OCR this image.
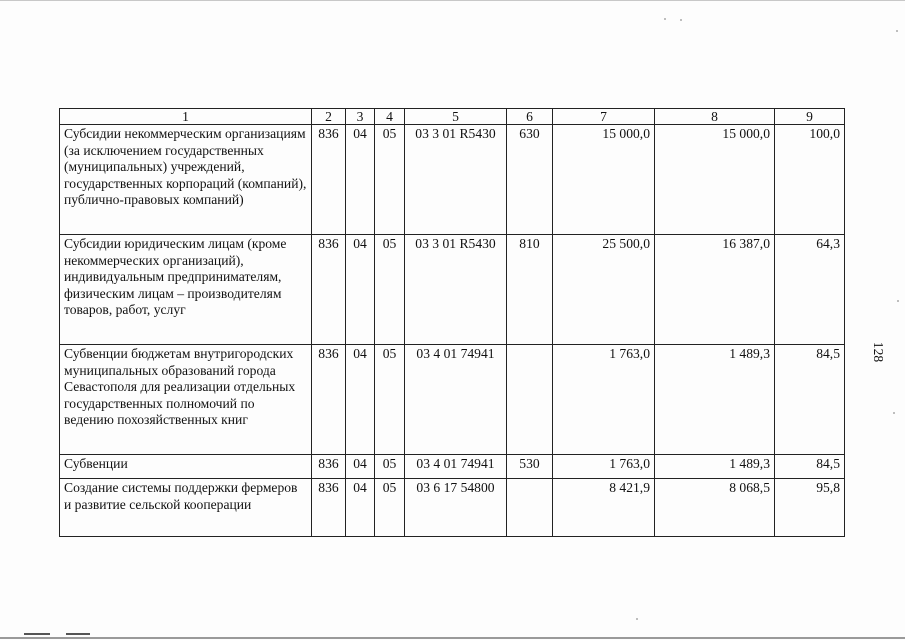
1	2	3	4	5	6	7	8	9
Субсидии некоммерческим организациям (за исключением государственных (муниципальных) учреждений, государственных корпораций (компаний), публично-правовых компаний)	836	04	05	03 3 01 R5430	630	15 000,0	15 000,0	100,0
Субсидии юридическим лицам (кроме некоммерческих организаций), индивидуальным предпринимателям, физическим лицам – производителям товаров, работ, услуг	836	04	05	03 3 01 R5430	810	25 500,0	16 387,0	64,3
Субвенции бюджетам внутригородских муниципальных образований города Севастополя для реализации отдельных государственных полномочий по ведению похозяйственных книг	836	04	05	03 4 01 74941		1 763,0	1 489,3	84,5
Субвенции	836	04	05	03 4 01 74941	530	1 763,0	1 489,3	84,5
Создание системы поддержки фермеров и развитие сельской кооперации	836	04	05	03 6 17 54800		8 421,9	8 068,5	95,8
128
